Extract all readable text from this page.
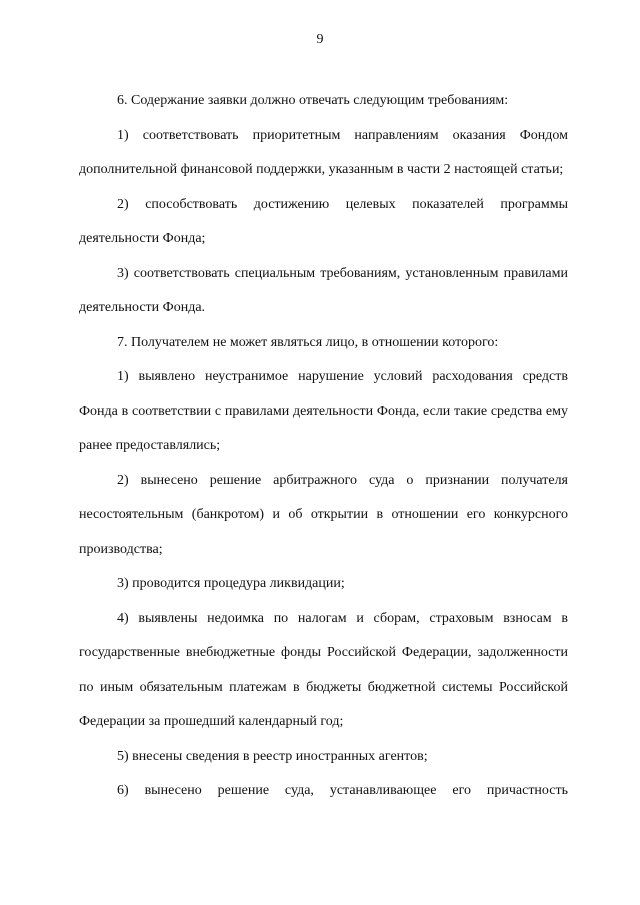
9

6. Содержание заявки должно отвечать следующим требованиям:

1) соответствовать приоритетным направлениям оказания Фондом дополнительной финансовой поддержки, указанным в части 2 настоящей статьи;

2) способствовать достижению целевых показателей программы деятельности Фонда;

3) соответствовать специальным требованиям, установленным правилами деятельности Фонда.

7. Получателем не может являться лицо, в отношении которого:

1) выявлено неустранимое нарушение условий расходования средств Фонда в соответствии с правилами деятельности Фонда, если такие средства ему ранее предоставлялись;

2) вынесено решение арбитражного суда о признании получателя несостоятельным (банкротом) и об открытии в отношении его конкурсного производства;

3) проводится процедура ликвидации;

4) выявлены недоимка по налогам и сборам, страховым взносам в государственные внебюджетные фонды Российской Федерации, задолженности по иным обязательным платежам в бюджеты бюджетной системы Российской Федерации за прошедший календарный год;

5) внесены сведения в реестр иностранных агентов;

6) вынесено решение суда, устанавливающее его причастность
